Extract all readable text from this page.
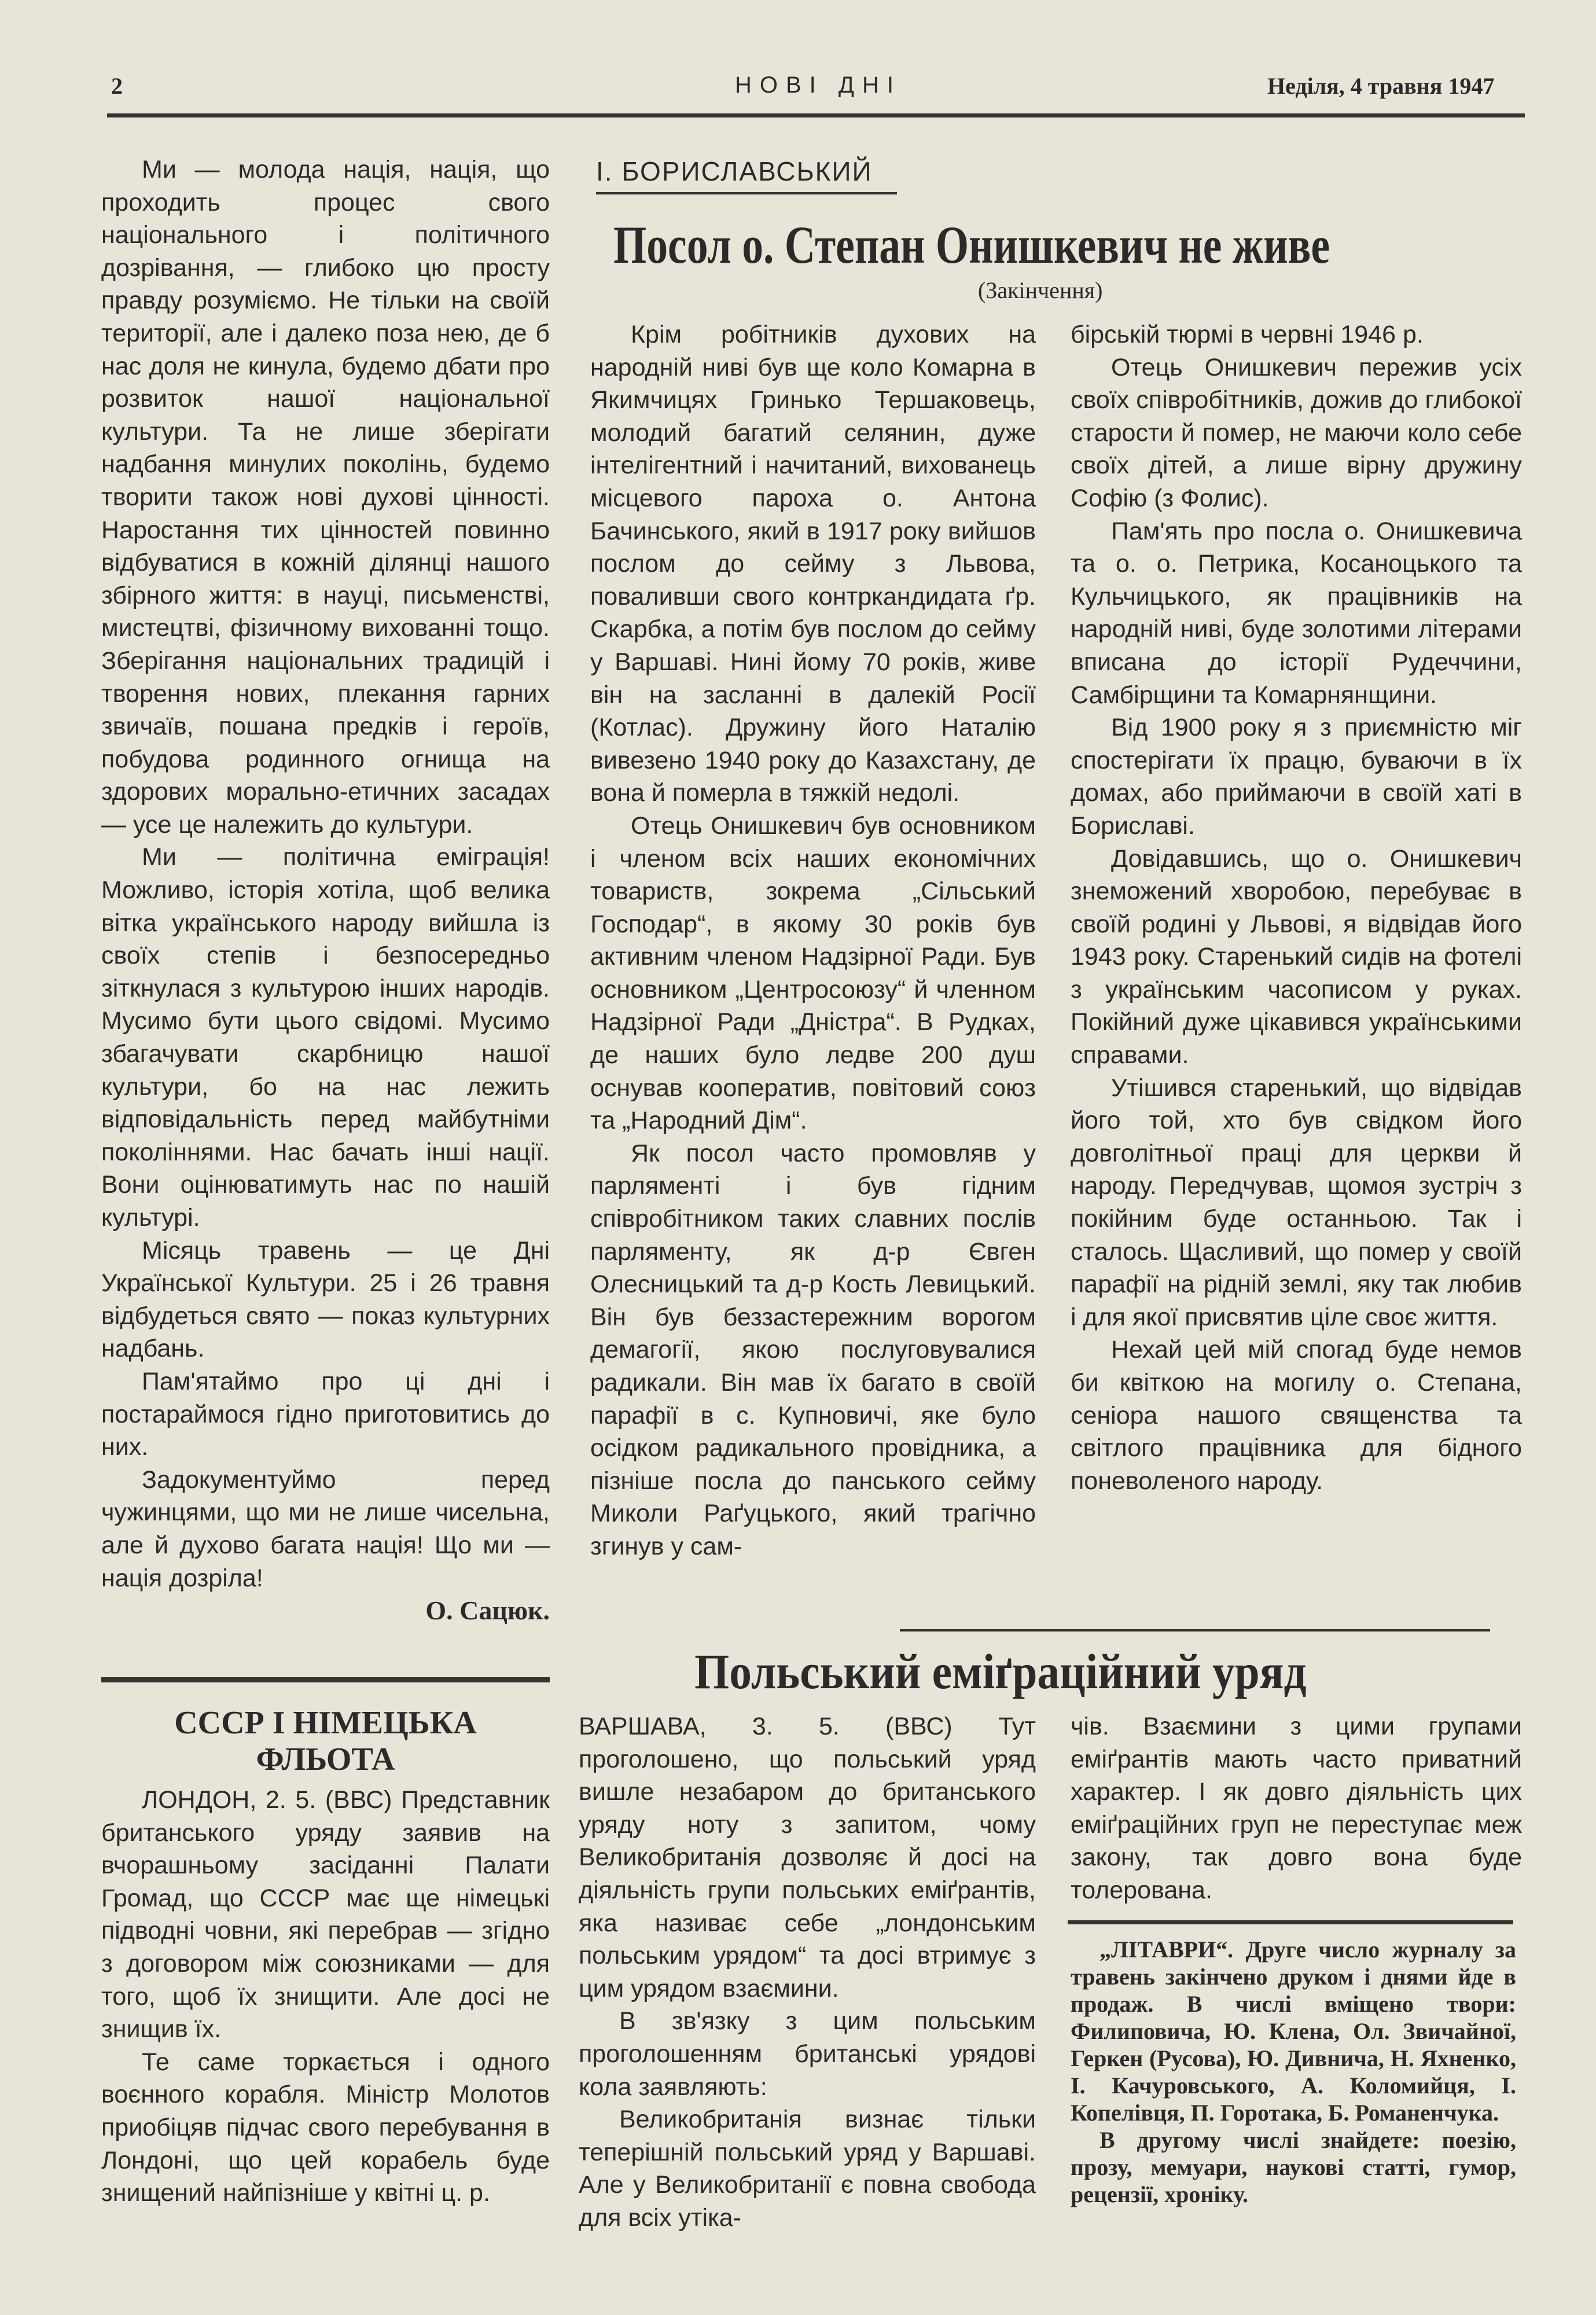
2	НОВІ ДНІ	Неділя, 4 травня 1947

Ми — молода нація, нація, що проходить процес свого національного і політичного дозрівання, — глибоко цю просту правду розуміємо. Не тільки на своїй території, але і далеко поза нею, де б нас доля не кинула, будемо дбати про розвиток нашої національної культури. Та не лише зберігати надбання минулих поколінь, будемо творити також нові духові цінності. Наростання тих цінностей повинно відбуватися в кожній ділянці нашого збірного життя: в науці, письменстві, мистецтві, фізичному вихованні тощо. Зберігання національних традицій і творення нових, плекання гарних звичаїв, пошана предків і героїв, побудова родинного огнища на здорових морально-етичних засадах — усе це належить до культури.

Ми — політична еміграція! Можливо, історія хотіла, щоб велика вітка українського народу вийшла із своїх степів і безпосередньо зіткнулася з культурою інших народів. Мусимо бути цього свідомі. Мусимо збагачувати скарбницю нашої культури, бо на нас лежить відповідальність перед майбутніми поколіннями. Нас бачать інші нації. Вони оцінюватимуть нас по нашій культурі.

Місяць травень — це Дні Української Культури. 25 і 26 травня відбудеться свято — показ культурних надбань.

Пам'ятаймо про ці дні і постараймося гідно приготовитись до них.

Задокументуймо перед чужинцями, що ми не лише чисельна, але й духово багата нація! Що ми — нація дозріла!

О. Сацюк.
СССР І НІМЕЦЬКА
ФЛЬОТА

ЛОНДОН, 2. 5. (ВВС) Представник британського уряду заявив на вчорашньому засіданні Палати Громад, що СССР має ще німецькі підводні човни, які перебрав — згідно з договором між союзниками — для того, щоб їх знищити. Але досі не знищив їх.

Те саме торкається і одного воєнного корабля. Міністр Молотов приобіцяв підчас свого перебування в Лондоні, що цей корабель буде знищений найпізніше у квітні ц. р.

І. БОРИСЛАВСЬКИЙ
Посол о. Степан Онишкевич не живе
(Закінчення)

Крім робітників духових на народній ниві був ще коло Комарна в Якимчицях Гринько Тершаковець, молодий багатий селянин, дуже інтелігентний і начитаний, вихованець місцевого пароха о. Антона Бачинського, який в 1917 року вийшов послом до сейму з Львова, поваливши свого контркандидата ґр. Скарбка, а потім був послом до сейму у Варшаві. Нині йому 70 років, живе він на засланні в далекій Росії (Котлас). Дружину його Наталію вивезено 1940 року до Казахстану, де вона й померла в тяжкій недолі.

Отець Онишкевич був основником і членом всіх наших економічних товариств, зокрема „Сільський Господар“, в якому 30 років був активним членом Надзірної Ради. Був основником „Центросоюзу“ й членном Надзірної Ради „Дністра“. В Рудках, де наших було ледве 200 душ оснував кооператив, повітовий союз та „Народний Дім“.

Як посол часто промовляв у парляменті і був гідним співробітником таких славних послів парляменту, як д-р Євген Олесницький та д-р Кость Левицький. Він був беззастережним ворогом демагогії, якою послуговувалися радикали. Він мав їх багато в своїй парафії в с. Купновичі, яке було осідком радикального провідника, а пізніше посла до панського сейму Миколи Раґуцького, який трагічно згинув у сам-

бірській тюрмі в червні 1946 р.

Отець Онишкевич пережив усіх своїх співробітників, дожив до глибокої старости й помер, не маючи коло себе своїх дітей, а лише вірну дружину Софію (з Фолис).

Пам'ять про посла о. Онишкевича та о. о. Петрика, Косаноцького та Кульчицького, як працівників на народній ниві, буде золотими літерами вписана до історії Рудеччини, Самбірщини та Комарнянщини.

Від 1900 року я з приємністю міг спостерігати їх працю, буваючи в їх домах, або приймаючи в своїй хаті в Бориславі.

Довідавшись, що о. Онишкевич знеможений хворобою, перебуває в своїй родині у Львові, я відвідав його 1943 року. Старенький сидів на фотелі з українським часописом у руках. Покійний дуже цікавився українськими справами.

Утішився старенький, що відвідав його той, хто був свідком його довголітньої праці для церкви й народу. Передчував, щомоя зустріч з покійним буде останньою. Так і сталось. Щасливий, що помер у своїй парафії на рідній землі, яку так любив і для якої присвятив ціле своє життя.

Нехай цей мій спогад буде немов би квіткою на могилу о. Степана, сеніора нашого священства та світлого працівника для бідного поневоленого народу.

Польський еміґраційний уряд

ВАРШАВА, 3. 5. (ВВС) Тут проголошено, що польський уряд вишле незабаром до британського уряду ноту з запитом, чому Великобританія дозволяє й досі на діяльність групи польських еміґрантів, яка називає себе „лондонським польським урядом“ та досі втримує з цим урядом взаємини.

В зв'язку з цим польським проголошенням британські урядові кола заявляють:

Великобританія визнає тільки теперішній польський уряд у Варшаві. Але у Великобританії є повна свобода для всіх утіка-

чів. Взаємини з цими групами еміґрантів мають часто приватний характер. І як довго діяльність цих еміґраційних груп не переступає меж закону, так довго вона буде толерована.

„ЛІТАВРИ“. Друге число журналу за травень закінчено друком і днями йде в продаж. В числі вміщено твори: Филиповича, Ю. Клена, Ол. Звичайної, Геркен (Русова), Ю. Дивнича, Н. Яхненко, І. Качуровського, А. Коломийця, І. Копелівця, П. Горотака, Б. Романенчука.

В другому числі знайдете: поезію, прозу, мемуари, наукові статті, гумор, рецензії, хроніку.
